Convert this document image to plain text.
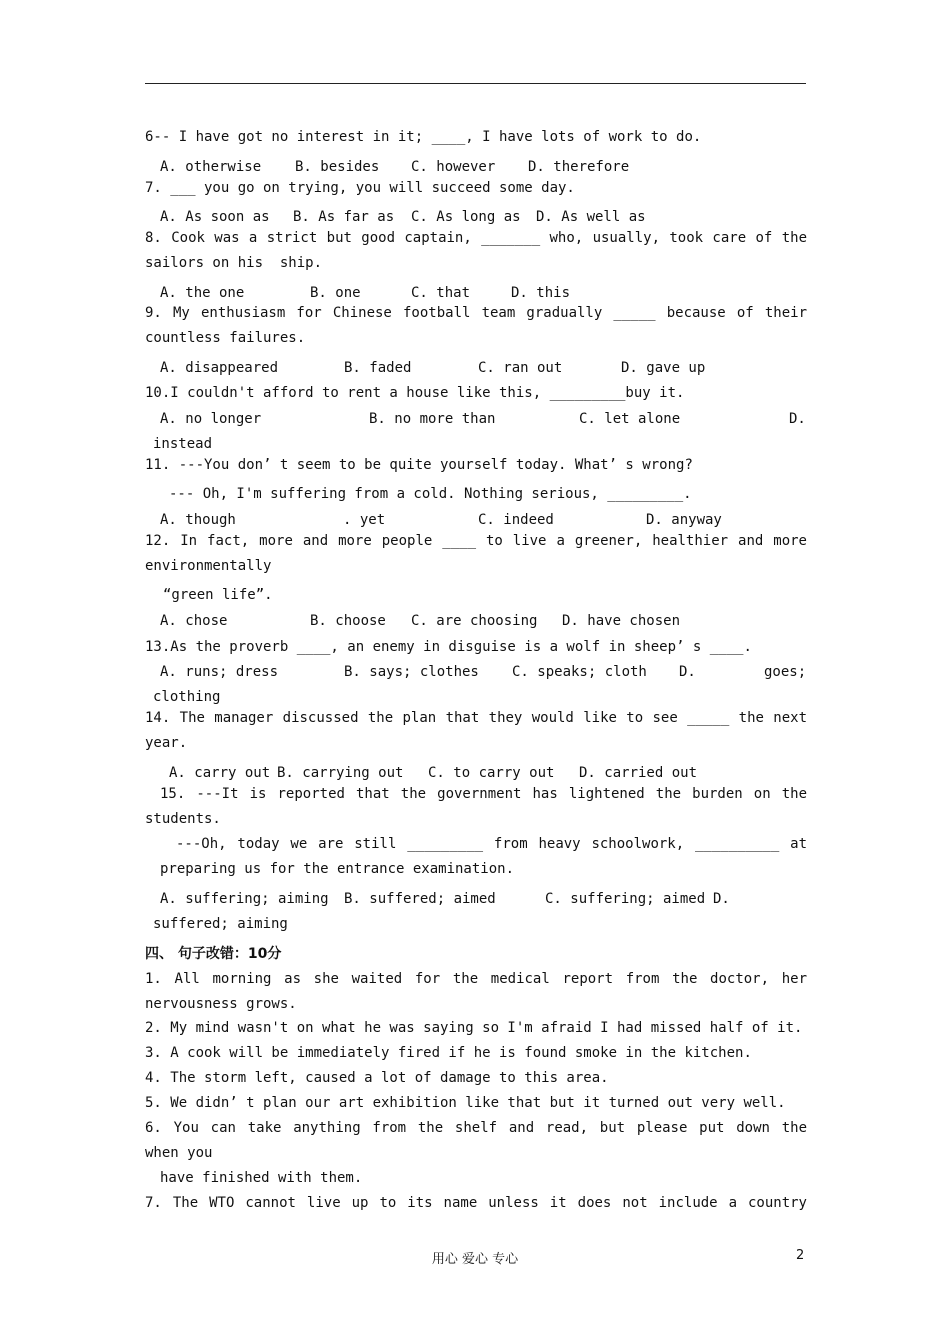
6-- I have got no interest in it; ____, I have lots of work to do.
A. otherwise B. besides C. however D. therefore
7. ___ you go on trying, you will succeed some day.
A. As soon as B. As far as C. As long as D. As well as
8. Cook was a strict but good captain, _______ who, usually, took care of the
sailors on his  ship.
A. the one	B. one	C. that	D. this
9. My enthusiasm for Chinese football team gradually _____ because of their
countless failures.
A. disappeared	B. faded	C. ran out	D. gave up
10.I couldn't afford to rent a house like this, _________buy it.
A. no longer	B. no more than	C. let alone	D.
instead
11. ---You don’ t seem to be quite yourself today. What’ s wrong?
--- Oh, I'm suffering from a cold. Nothing serious, _________.
A. though	. yet	C. indeed	D. anyway
12. In fact, more and more people ____ to live a greener, healthier and more
environmentally
“green life”.
A. chose	B. choose C. are choosing D. have chosen
13.As the proverb ____, an enemy in disguise is a wolf in sheep’ s ____.
A. runs; dress	B. says; clothes C. speaks; cloth D.	goes;
clothing
14. The manager discussed the plan that they would like to see _____ the next
year.
A. carry out B. carrying out C. to carry out D. carried out
15. ---It is reported that the government has lightened the burden on the
students.
---Oh, today we are still _________ from heavy schoolwork, __________ at
preparing us for the entrance examination.
A. suffering; aiming B. suffered; aimed	C. suffering; aimed D.
suffered; aiming
四、 句子改错：10分
1. All morning as she waited for the medical report from the doctor, her
nervousness grows.
2. My mind wasn't on what he was saying so I'm afraid I had missed half of it.
3. A cook will be immediately fired if he is found smoke in the kitchen.
4. The storm left, caused a lot of damage to this area.
5. We didn’ t plan our art exhibition like that but it turned out very well.
6. You can take anything from the shelf and read, but please put down the
when you
have finished with them.
7. The WTO cannot live up to its name unless it does not include a country
用心 爱心 专心	2
